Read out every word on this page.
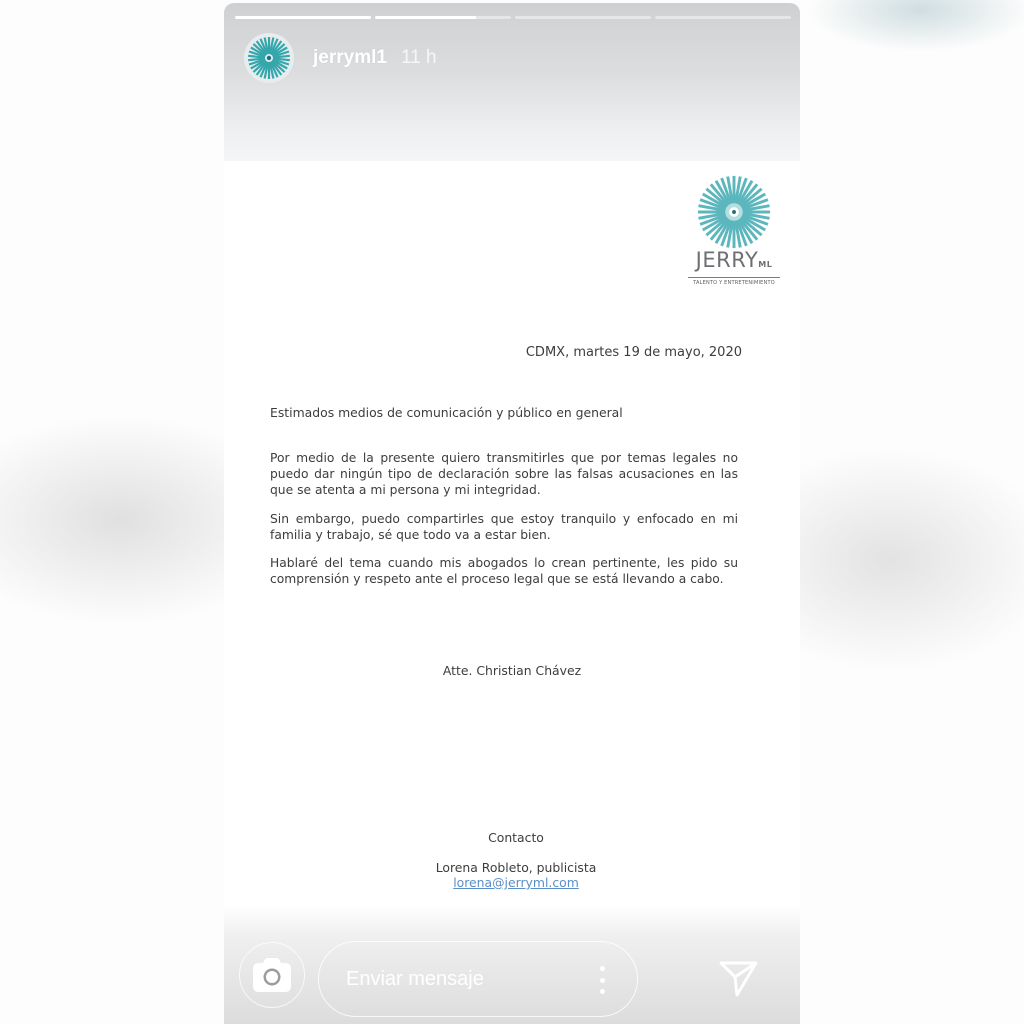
jerryml1 11 h
JERRYML
TALENTO Y ENTRETENIMIENTO
CDMX, martes 19 de mayo, 2020
Estimados medios de comunicación y público en general
Por medio de la presente quiero transmitirles que por temas legales no puedo dar ningún tipo de declaración sobre las falsas acusaciones en las que se atenta a mi persona y mi integridad.
Sin embargo, puedo compartirles que estoy tranquilo y enfocado en mi familia y trabajo, sé que todo va a estar bien.
Hablaré del tema cuando mis abogados lo crean pertinente, les pido su comprensión y respeto ante el proceso legal que se está llevando a cabo.
Atte. Christian Chávez
Contacto
Lorena Robleto, publicista
lorena@jerryml.com
Enviar mensaje
